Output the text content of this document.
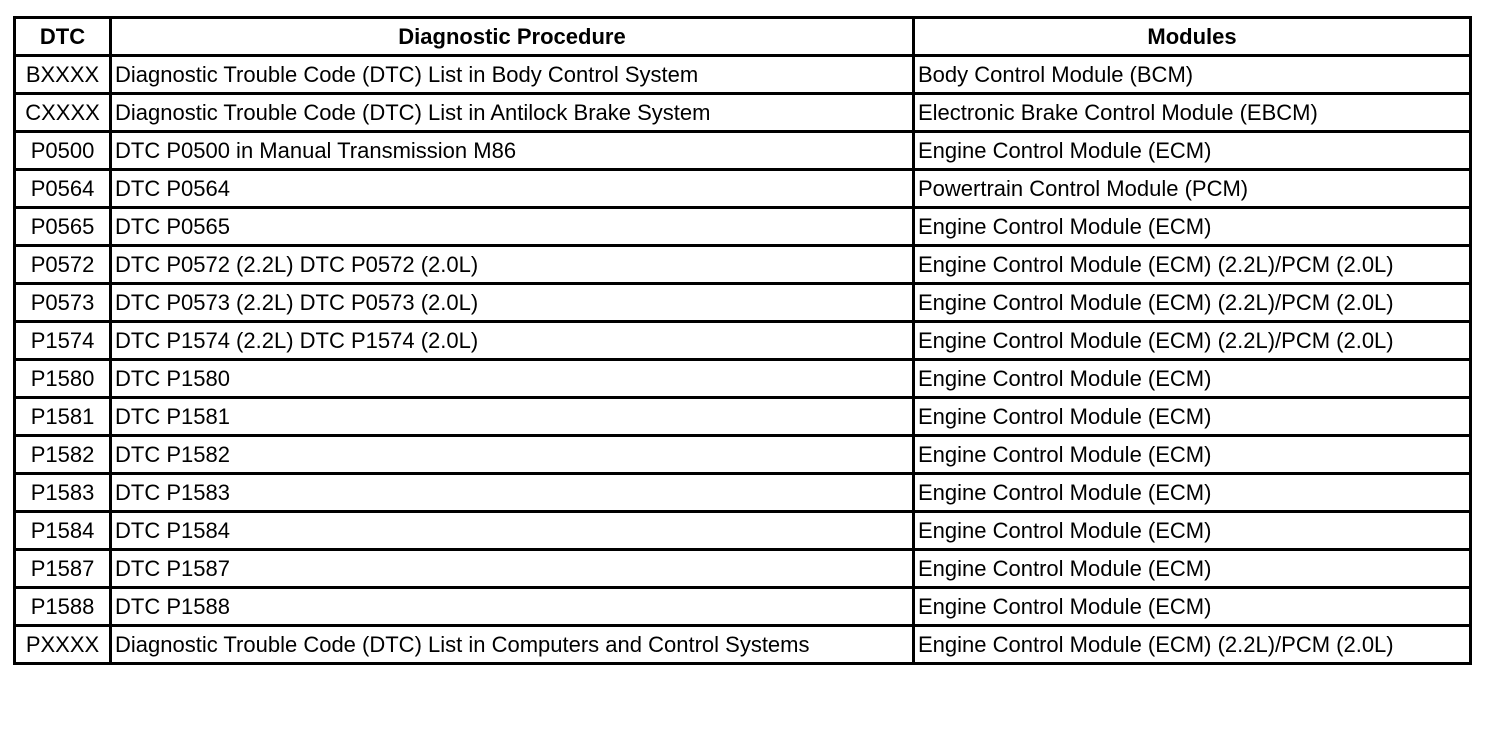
DTC	Diagnostic Procedure	Modules
BXXXX	Diagnostic Trouble Code (DTC) List in Body Control System	Body Control Module (BCM)
CXXXX	Diagnostic Trouble Code (DTC) List in Antilock Brake System	Electronic Brake Control Module (EBCM)
P0500	DTC P0500 in Manual Transmission M86	Engine Control Module (ECM)
P0564	DTC P0564	Powertrain Control Module (PCM)
P0565	DTC P0565	Engine Control Module (ECM)
P0572	DTC P0572 (2.2L) DTC P0572 (2.0L)	Engine Control Module (ECM) (2.2L)/PCM (2.0L)
P0573	DTC P0573 (2.2L) DTC P0573 (2.0L)	Engine Control Module (ECM) (2.2L)/PCM (2.0L)
P1574	DTC P1574 (2.2L) DTC P1574 (2.0L)	Engine Control Module (ECM) (2.2L)/PCM (2.0L)
P1580	DTC P1580	Engine Control Module (ECM)
P1581	DTC P1581	Engine Control Module (ECM)
P1582	DTC P1582	Engine Control Module (ECM)
P1583	DTC P1583	Engine Control Module (ECM)
P1584	DTC P1584	Engine Control Module (ECM)
P1587	DTC P1587	Engine Control Module (ECM)
P1588	DTC P1588	Engine Control Module (ECM)
PXXXX	Diagnostic Trouble Code (DTC) List in Computers and Control Systems	Engine Control Module (ECM) (2.2L)/PCM (2.0L)
